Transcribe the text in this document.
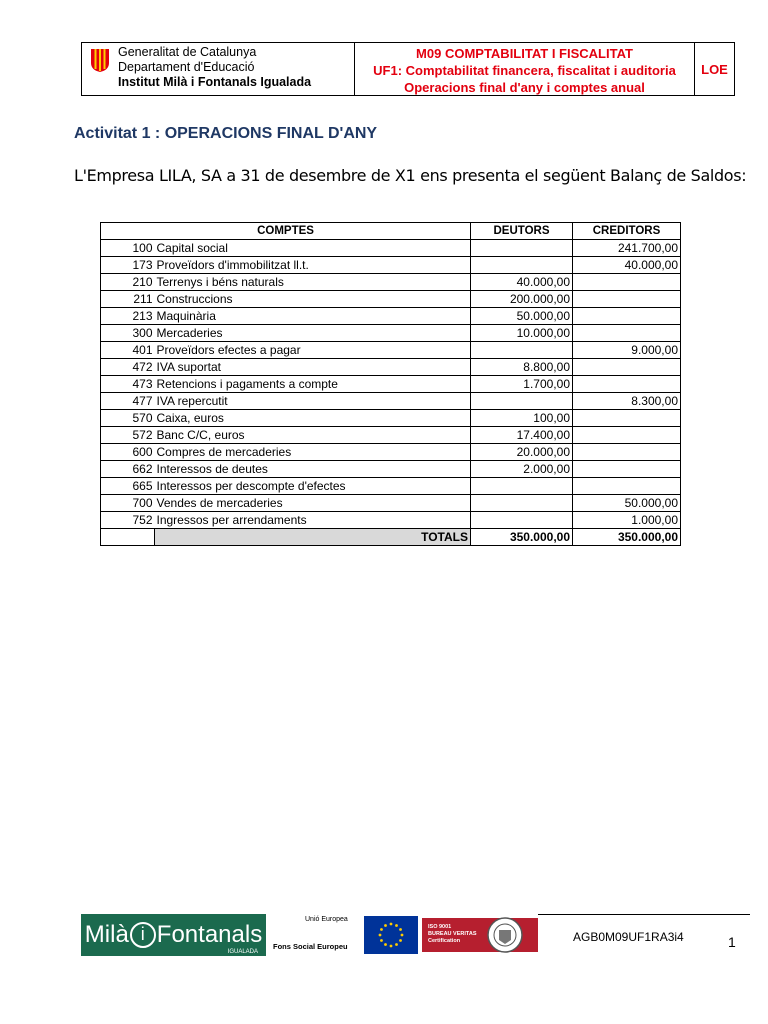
Generalitat de Catalunya
Departament d'Educació
Institut Milà i Fontanals Igualada
M09 COMPTABILITAT I FISCALITAT
UF1: Comptabilitat financera, fiscalitat i auditoria
Operacions final d'any i comptes anual
LOE
Activitat 1 : OPERACIONS FINAL D'ANY
L'Empresa LILA, SA a 31 de desembre de X1 ens presenta el següent Balanç de Saldos:
COMPTES		DEUTORS	CREDITORS
100	Capital social		241.700,00
173	Proveïdors d'immobilitzat ll.t.		40.000,00
210	Terrenys i béns naturals	40.000,00	
211	Construccions	200.000,00	
213	Maquinària	50.000,00	
300	Mercaderies	10.000,00	
401	Proveïdors efectes a pagar		9.000,00
472	IVA suportat	8.800,00	
473	Retencions i pagaments a compte	1.700,00	
477	IVA repercutit		8.300,00
570	Caixa, euros	100,00	
572	Banc C/C, euros	17.400,00	
600	Compres de mercaderies	20.000,00	
662	Interessos de deutes	2.000,00	
665	Interessos per descompte d'efectes		
700	Vendes de mercaderies		50.000,00
752	Ingressos per arrendaments		1.000,00
	TOTALS	350.000,00	350.000,00
Milà i Fontanals
IGUALADA
Unió Europea
Fons Social Europeu
ISO 9001
BUREAU VERITAS
Certification	AGB0M09UF1RA3i4	1
